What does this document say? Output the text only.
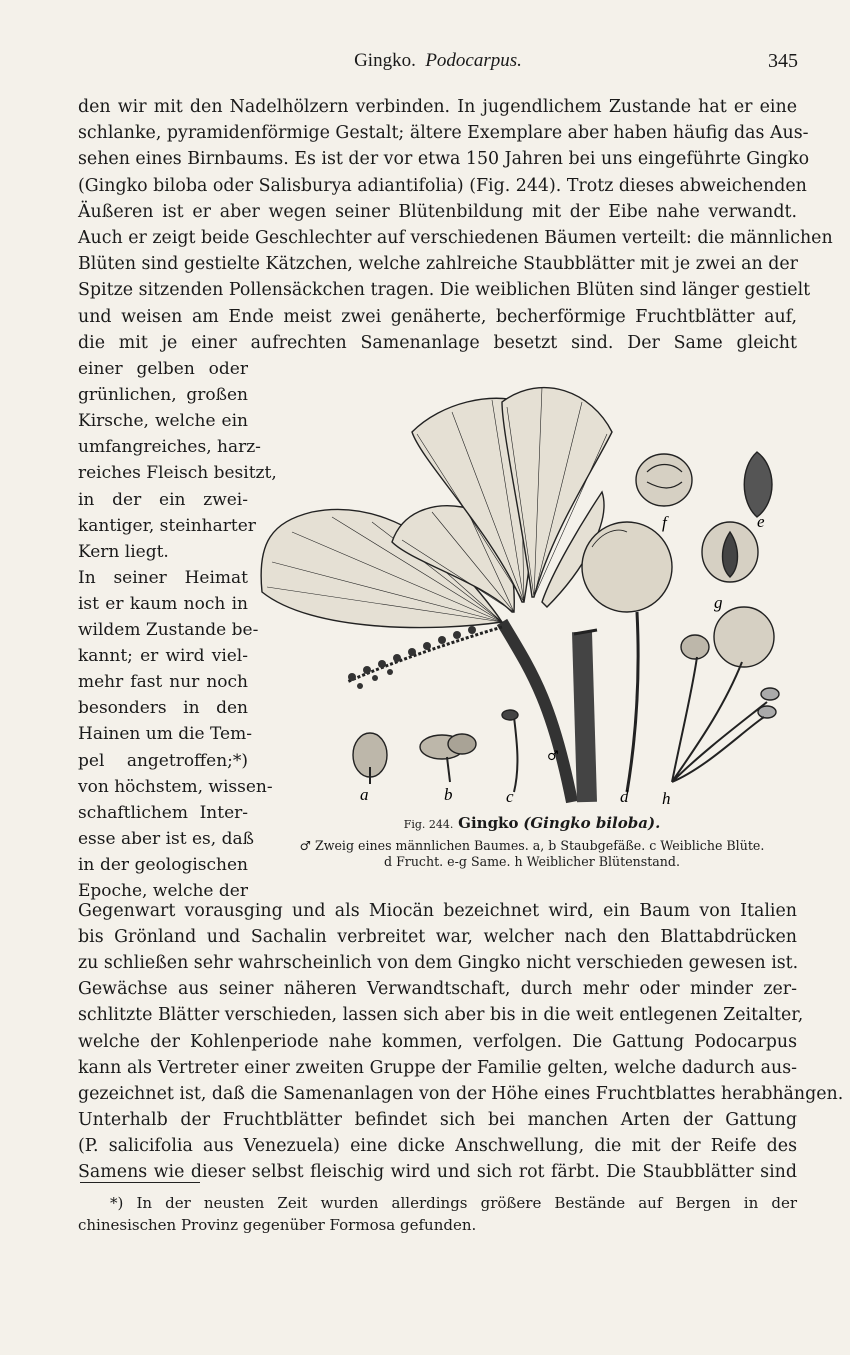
Gingko. Podocarpus.	345
den wir mit den Nadelhölzern verbinden. In jugendlichem Zustande hat er eine
schlanke, pyramidenförmige Gestalt; ältere Exemplare aber haben häufig das Aus-
sehen eines Birnbaums. Es ist der vor etwa 150 Jahren bei uns eingeführte Gingko
(Gingko biloba oder Salisburya adiantifolia) (Fig. 244). Trotz dieses abweichenden
Äußeren ist er aber wegen seiner Blütenbildung mit der Eibe nahe verwandt.
Auch er zeigt beide Geschlechter auf verschiedenen Bäumen verteilt: die männlichen
Blüten sind gestielte Kätzchen, welche zahlreiche Staubblätter mit je zwei an der
Spitze sitzenden Pollensäckchen tragen. Die weiblichen Blüten sind länger gestielt
und weisen am Ende meist zwei genäherte, becherförmige Fruchtblätter auf,
die mit je einer aufrechten Samenanlage besetzt sind. Der Same gleicht
einer gelben oder
grünlichen, großen
Kirsche, welche ein
umfangreiches, harz-
reiches Fleisch besitzt,
in der ein zwei-
kantiger, steinharter
Kern liegt.
In seiner Heimat
ist er kaum noch in
wildem Zustande be-
kannt; er wird viel-
mehr fast nur noch
besonders in den
Hainen um die Tem-
pel angetroffen;*)
von höchstem, wissen-
schaftlichem Inter-
esse aber ist es, daß
in der geologischen
Epoche, welche der
a	b	c	d
e
f
g
h
♂
Fig. 244. Gingko (Gingko biloba).
♂ Zweig eines männlichen Baumes. a, b Staubgefäße. c Weibliche Blüte.
d Frucht. e-g Same. h Weiblicher Blütenstand.
Gegenwart vorausging und als Miocän bezeichnet wird, ein Baum von Italien
bis Grönland und Sachalin verbreitet war, welcher nach den Blattabdrücken
zu schließen sehr wahrscheinlich von dem Gingko nicht verschieden gewesen ist.
Gewächse aus seiner näheren Verwandtschaft, durch mehr oder minder zer-
schlitzte Blätter verschieden, lassen sich aber bis in die weit entlegenen Zeitalter,
welche der Kohlenperiode nahe kommen, verfolgen. Die Gattung Podocarpus
kann als Vertreter einer zweiten Gruppe der Familie gelten, welche dadurch aus-
gezeichnet ist, daß die Samenanlagen von der Höhe eines Fruchtblattes herabhängen.
Unterhalb der Fruchtblätter befindet sich bei manchen Arten der Gattung
(P. salicifolia aus Venezuela) eine dicke Anschwellung, die mit der Reife des
Samens wie dieser selbst fleischig wird und sich rot färbt. Die Staubblätter sind
*) In der neusten Zeit wurden allerdings größere Bestände auf Bergen in der
chinesischen Provinz gegenüber Formosa gefunden.
